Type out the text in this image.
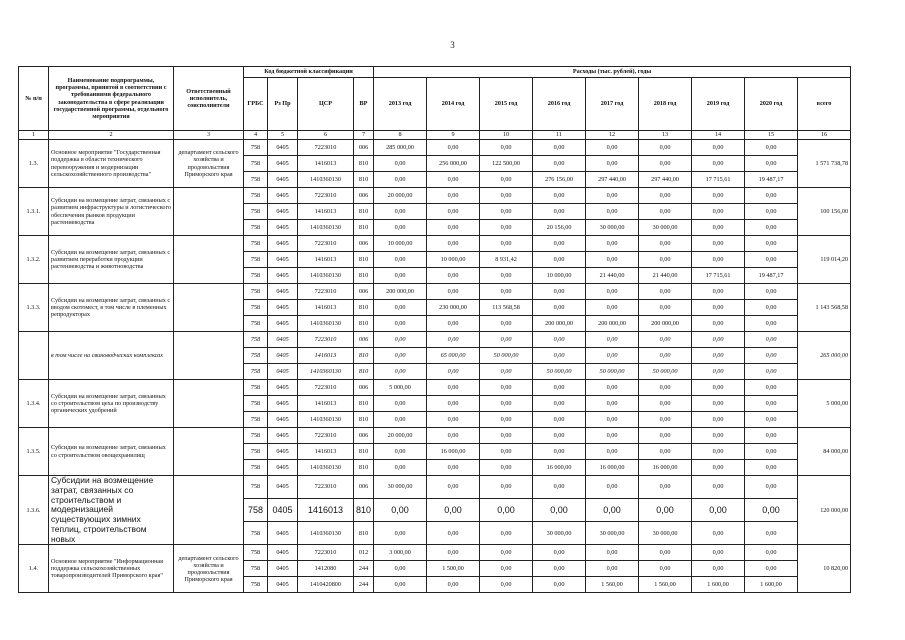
3
№ п/п	Наименование подпрограммы, программы, принятой в соответствии с требованиями федерального законодательства в сфере реализации государственной программы, отдельного мероприятия	Ответственный исполнитель, соисполнители	Код бюджетной классификации				Расходы (тыс. рублей), годы								
			ГРБС	Рз Пр	ЦСР	ВР	2013 год	2014 год	2015 год	2016 год	2017 год	2018 год	2019 год	2020 год	всего
1	2	3	4	5	6	7	8	9	10	11	12	13	14	15	16
1.3.	Основное мероприятие "Государственная поддержка в области технического перевооружения и модернизации сельскохозяйственного производства"	департамент сельского хозяйства и продовольствия Приморского края	758	0405	7223010	006	285 000,00	0,00	0,00	0,00	0,00	0,00	0,00	0,00	1 571 738,78
			758	0405	1416013	810	0,00	256 000,00	122 500,00	0,00	0,00	0,00	0,00	0,00	
			758	0405	1410360130	810	0,00	0,00	0,00	276 156,00	297 440,00	297 440,00	17 715,61	19 487,17	
1.3.1.	Субсидии на возмещение затрат, связанных с развитием инфраструктуры и логистического обеспечения рынков продукции растениеводства		758	0405	7223010	006	20 000,00	0,00	0,00	0,00	0,00	0,00	0,00	0,00	100 156,00
			758	0405	1416013	810	0,00	0,00	0,00	0,00	0,00	0,00	0,00	0,00	
			758	0405	1410360130	810	0,00	0,00	0,00	20 156,00	30 000,00	30 000,00	0,00	0,00	
1.3.2.	Субсидии на возмещение затрат, связанных с развитием переработки продукции растениеводства и животноводства		758	0405	7223010	006	10 000,00	0,00	0,00	0,00	0,00	0,00	0,00	0,00	119 014,20
			758	0405	1416013	810	0,00	10 000,00	8 931,42	0,00	0,00	0,00	0,00	0,00	
			758	0405	1410360130	810	0,00	0,00	0,00	10 000,00	21 440,00	21 440,00	17 715,61	19 487,17	
1.3.3.	Субсидии на возмещение затрат, связанных с вводом скотомест, в том числе в племенных репродукторах		758	0405	7223010	006	200 000,00	0,00	0,00	0,00	0,00	0,00	0,00	0,00	1 143 568,58
			758	0405	1416013	810	0,00	230 000,00	113 568,58	0,00	0,00	0,00	0,00	0,00	
			758	0405	1410360130	810	0,00	0,00	0,00	200 000,00	200 000,00	200 000,00	0,00	0,00	
	в том числе на свиноводческих комплексах		758	0405	7223010	006	0,00	0,00	0,00	0,00	0,00	0,00	0,00	0,00	265 000,00
			758	0405	1416013	810	0,00	65 000,00	50 000,00	0,00	0,00	0,00	0,00	0,00	
			758	0405	1410360130	810	0,00	0,00	0,00	50 000,00	50 000,00	50 000,00	0,00	0,00	
1.3.4.	Субсидии на возмещение затрат, связанных со строительством цеха по производству органических удобрений		758	0405	7223010	006	5 000,00	0,00	0,00	0,00	0,00	0,00	0,00	0,00	5 000,00
			758	0405	1416013	810	0,00	0,00	0,00	0,00	0,00	0,00	0,00	0,00	
			758	0405	1410360130	810	0,00	0,00	0,00	0,00	0,00	0,00	0,00	0,00	
1.3.5.	Субсидии на возмещение затрат, связанных со строительством овощехранилищ		758	0405	7223010	006	20 000,00	0,00	0,00	0,00	0,00	0,00	0,00	0,00	84 000,00
			758	0405	1416013	810	0,00	16 000,00	0,00	0,00	0,00	0,00	0,00	0,00	
			758	0405	1410360130	810	0,00	0,00	0,00	16 000,00	16 000,00	16 000,00	0,00	0,00	
1.3.6.	Субсидии на возмещение затрат, связанных со строительством и модернизацией существующих зимних теплиц, строительством новых		758	0405	7223010	006	30 000,00	0,00	0,00	0,00	0,00	0,00	0,00	0,00	120 000,00
			758	0405	1416013	810	0,00	0,00	0,00	0,00	0,00	0,00	0,00	0,00	
			758	0405	1410360130	810	0,00	0,00	0,00	30 000,00	30 000,00	30 000,00	0,00	0,00	
1.4.	Основное мероприятие "Информационная поддержка сельскохозяйственных товаропроизводителей Приморского края"	департамент сельского хозяйства и продовольствия Приморского края	758	0405	7223010	012	3 000,00	0,00	0,00	0,00	0,00	0,00	0,00	0,00	10 820,00
			758	0405	1412080	244	0,00	1 500,00	0,00	0,00	0,00	0,00	0,00	0,00	
			758	0405	1410420800	244	0,00	0,00	0,00	0,00	1 560,00	1 560,00	1 600,00	1 600,00	
